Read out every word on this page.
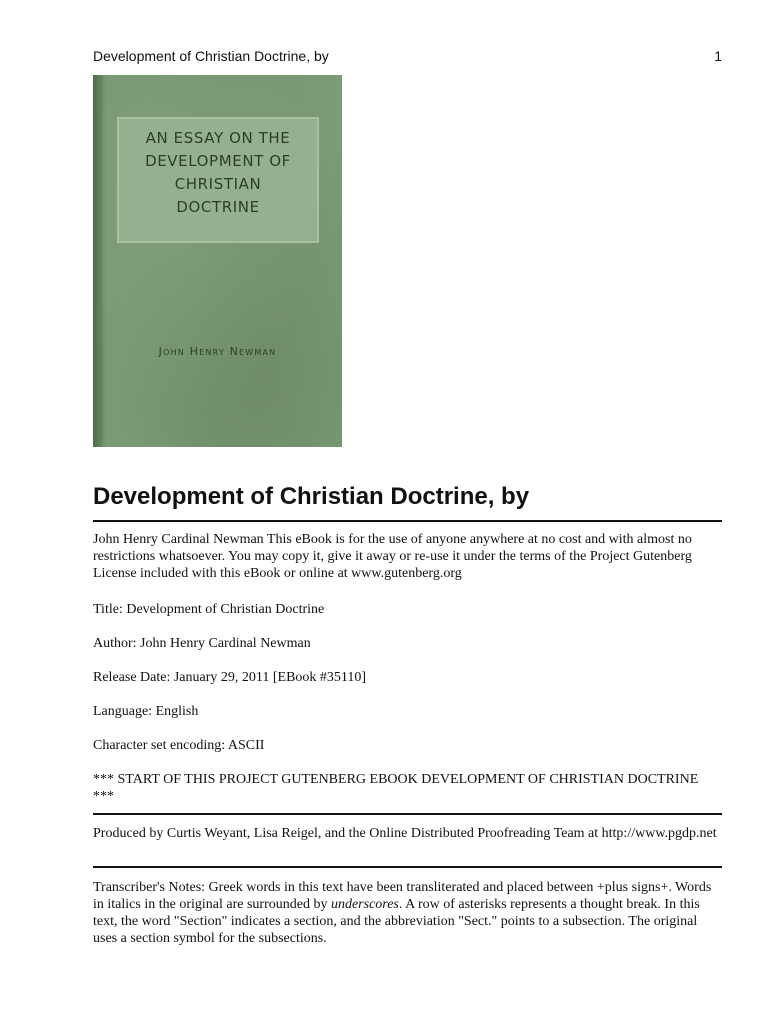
Development of Christian Doctrine, by	1
AN ESSAY ON THE
DEVELOPMENT OF
CHRISTIAN
DOCTRINE
John Henry Newman
Development of Christian Doctrine, by

John Henry Cardinal Newman This eBook is for the use of anyone anywhere at no cost and with almost no restrictions whatsoever. You may copy it, give it away or re-use it under the terms of the Project Gutenberg License included with this eBook or online at www.gutenberg.org

Title: Development of Christian Doctrine

Author: John Henry Cardinal Newman

Release Date: January 29, 2011 [EBook #35110]

Language: English

Character set encoding: ASCII

*** START OF THIS PROJECT GUTENBERG EBOOK DEVELOPMENT OF CHRISTIAN DOCTRINE ***

Produced by Curtis Weyant, Lisa Reigel, and the Online Distributed Proofreading Team at http://www.pgdp.net

Transcriber's Notes: Greek words in this text have been transliterated and placed between +plus signs+. Words in italics in the original are surrounded by underscores. A row of asterisks represents a thought break. In this text, the word "Section" indicates a section, and the abbreviation "Sect." points to a subsection. The original uses a section symbol for the subsections.
